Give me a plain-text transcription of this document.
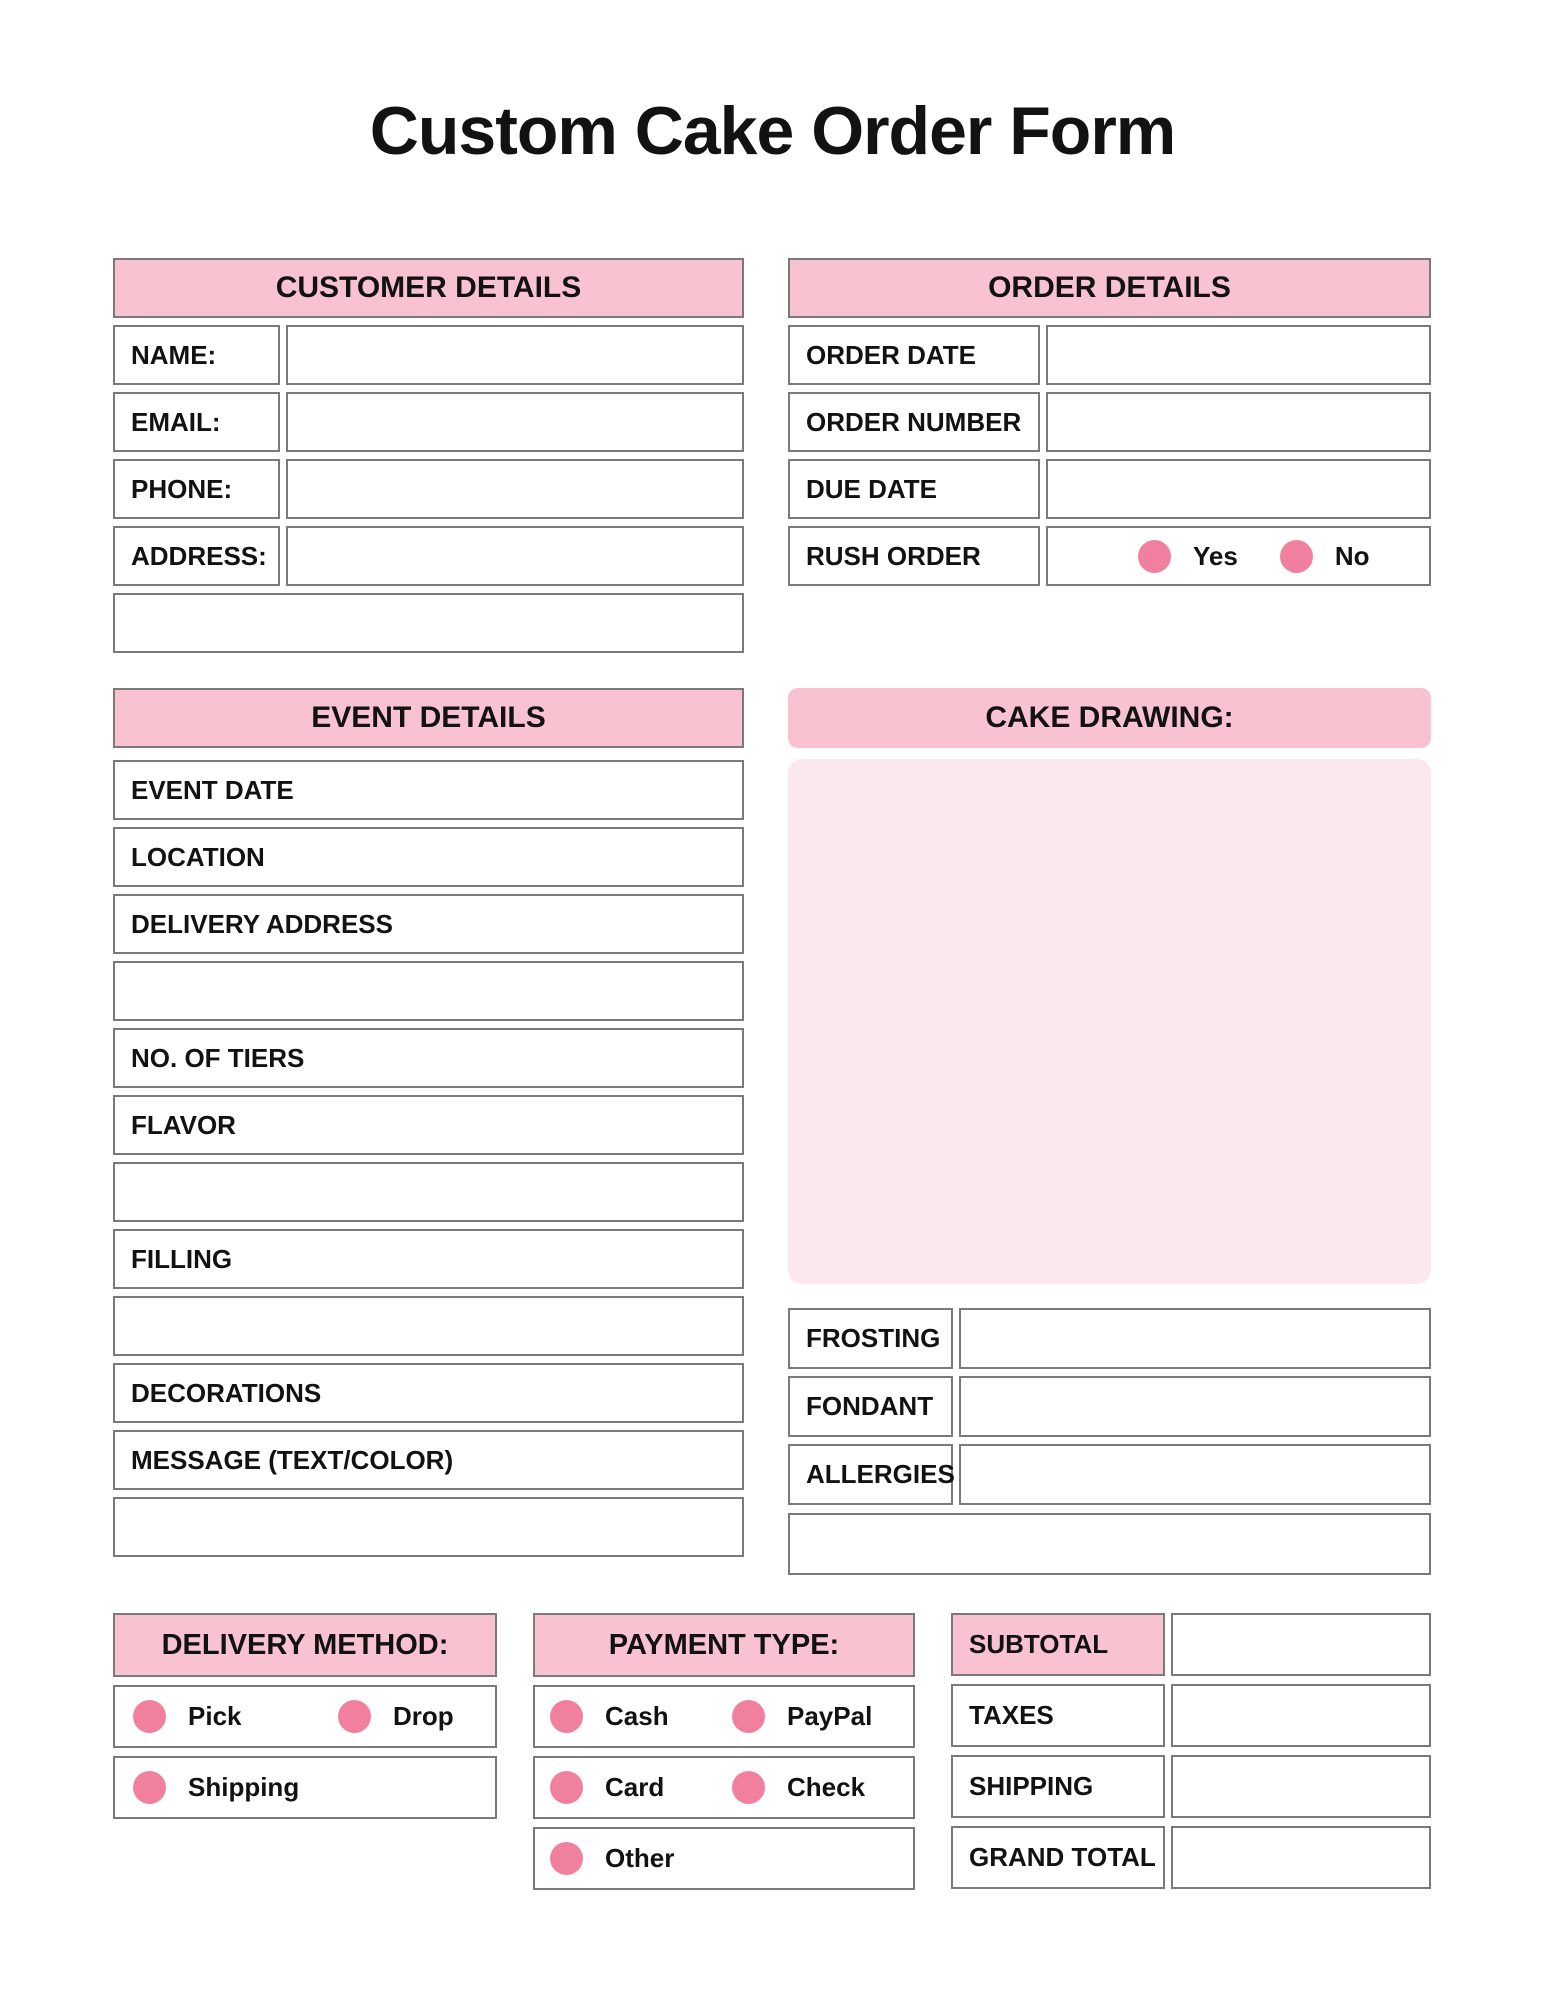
Custom Cake Order Form
CUSTOMER DETAILS
NAME:
EMAIL:
PHONE:
ADDRESS:
ORDER DETAILS
ORDER DATE
ORDER NUMBER
DUE DATE
RUSH ORDER	Yes	No
EVENT DETAILS
EVENT DATE
LOCATION
DELIVERY ADDRESS
NO. OF TIERS
FLAVOR
FILLING
DECORATIONS
MESSAGE (TEXT/COLOR)
CAKE DRAWING:
FROSTING
FONDANT
ALLERGIES
DELIVERY METHOD:
Pick	Drop
Shipping
PAYMENT TYPE:
Cash	PayPal
Card	Check
Other
SUBTOTAL
TAXES
SHIPPING
GRAND TOTAL
